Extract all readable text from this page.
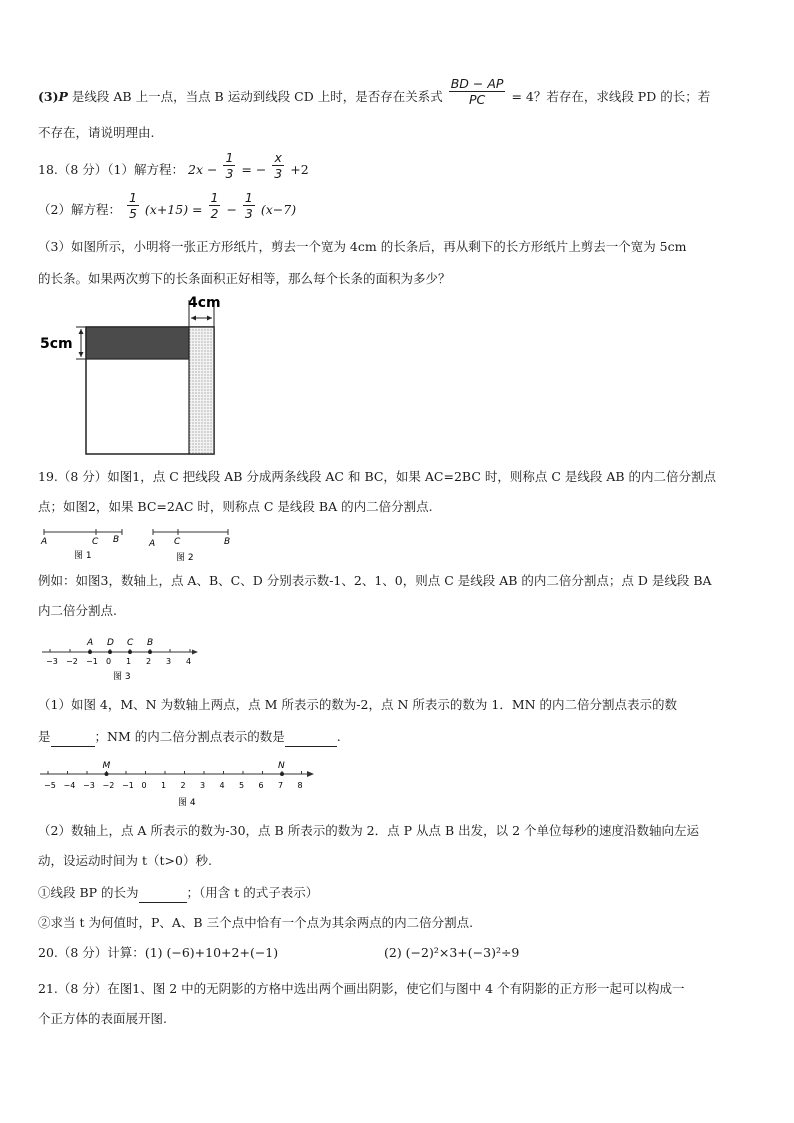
(3)P 是线段 AB 上一点，当点 B 运动到线段 CD 上时，是否存在关系式 $\frac{BD - AP}{PC} = 4$？若存在，求线段 PD 的长；若
不存在，请说明理由.
18.（8 分）（1）解方程： $2x - \frac{1}{3}$ = − $\frac{x}{3} +2$
（2）解方程： $\frac{1}{5} (x+15) = \frac{1}{2} - \frac{1}{3} (x-7)$
（3）如图所示，小明将一张正方形纸片，剪去一个宽为 4cm 的长条后，再从剩下的长方形纸片上剪去一个宽为 5cm
的长条。如果两次剪下的长条面积正好相等，那么每个长条的面积为多少？
4cm
5cm
19.（8 分）如图1，点 C 把线段 AB 分成两条线段 AC 和 BC，如果 AC=2BC 时，则称点 C 是线段 AB 的内二倍分割点
点；如图2，如果 BC=2AC 时，则称点 C 是线段 BA 的内二倍分割点.
A	C B
图 1
A C	B
图 2
例如：如图3，数轴上，点 A、B、C、D 分别表示数-1、2、1、0，则点 C 是线段 AB 的内二倍分割点；点 D 是线段 BA
内二倍分割点.
−3 −2 −1 0 1 2 3 4
A D C B
图 3
（1）如图 4，M、N 为数轴上两点，点 M 所表示的数为-2，点 N 所表示的数为 1．MN 的内二倍分割点表示的数
是	；NM 的内二倍分割点表示的数是	.
−5 −4 −3 −2 −1 0 1 2 3 4 5 6 7 8
M	N
图 4
（2）数轴上，点 A 所表示的数为-30，点 B 所表示的数为 2．点 P 从点 B 出发，以 2 个单位每秒的速度沿数轴向左运
动，设运动时间为 t（t>0）秒.
①线段 BP 的长为	；（用含 t 的式子表示）
②求当 t 为何值时，P、A、B 三个点中恰有一个点为其余两点的内二倍分割点.
20.（8 分）计算：(1) (−6)+10+2+(−1)	(2) (−2)²×3+(−3)²÷9
21.（8 分）在图1、图 2 中的无阴影的方格中选出两个画出阴影，使它们与图中 4 个有阴影的正方形一起可以构成一
个正方体的表面展开图.
